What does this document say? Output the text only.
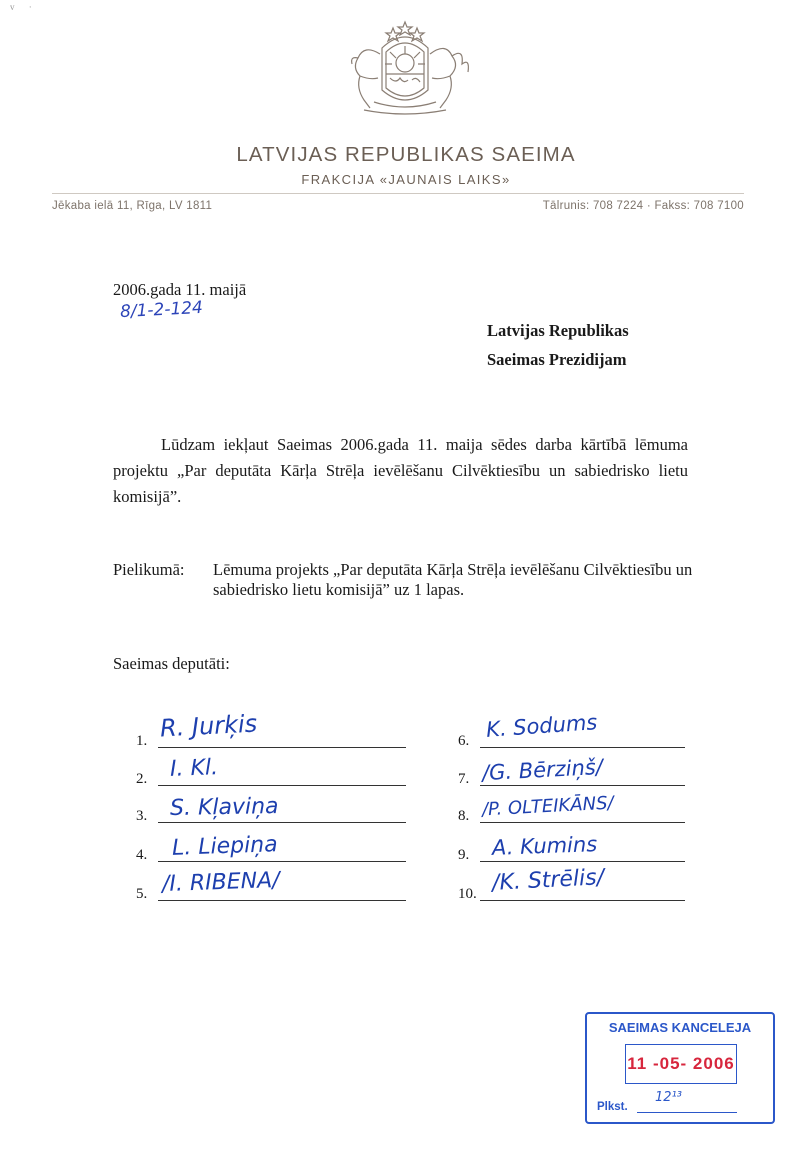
v ·
LATVIJAS REPUBLIKAS SAEIMA
FRAKCIJA «JAUNAIS LAIKS»
Jēkaba ielā 11, Rīga, LV 1811	Tālrunis: 708 7224 · Fakss: 708 7100
2006.gada 11. maijā
8/1-2-124
Latvijas Republikas
Saeimas Prezidijam
Lūdzam iekļaut Saeimas 2006.gada 11. maija sēdes darba kārtībā lēmuma projektu „Par deputāta Kārļa Strēļa ievēlēšanu Cilvēktiesību un sabiedrisko lietu komisijā”.
Pielikumā: Lēmuma projekts „Par deputāta Kārļa Strēļa ievēlēšanu Cilvēktiesību un sabiedrisko lietu komisijā” uz 1 lapas.
Saeimas deputāti:
1. R. Jurķis
2. I. Kl.
3. S. Kļaviņa
4. L. Liepiņa
5. /I. RIBENA/
6. K. Sodums
7. /G. Bērziņš/
8. /P. OLTEIKĀNS/
9. A. Kumins
10. /K. Strēlis/
SAEIMAS KANCELEJA
11 -05- 2006
Plkst.
12¹³
